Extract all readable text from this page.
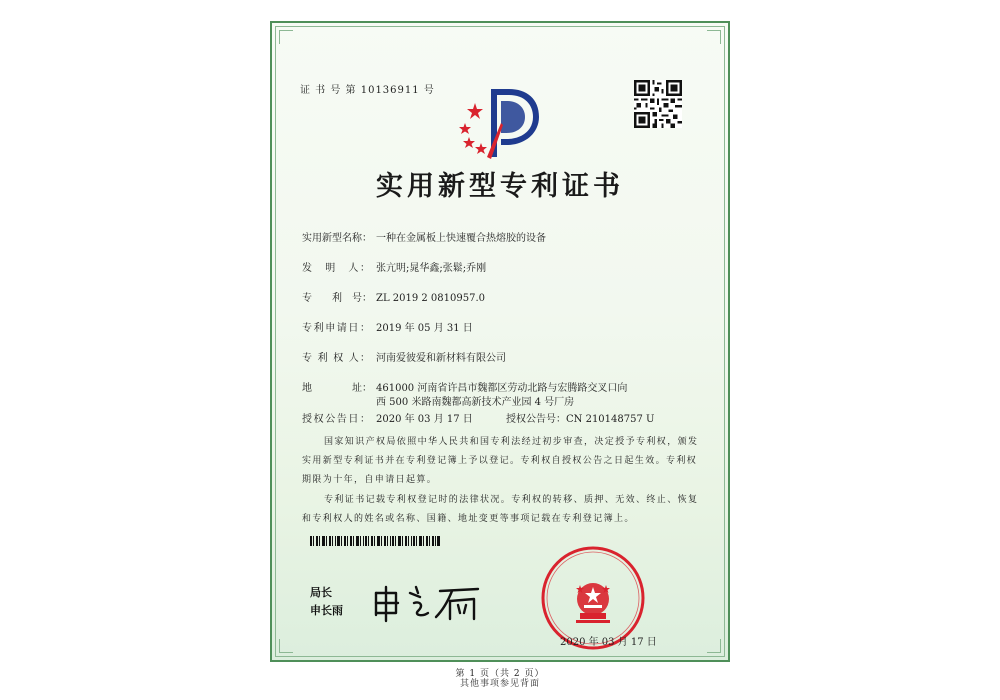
证 书 号 第 10136911 号
实用新型专利证书
实用新型名称： 一种在金属板上快速覆合热熔胶的设备
发　明　人： 张亢明;晁华鑫;张鬆;乔刚
专　　利　号： ZL 2019 2 0810957.0
专利申请日： 2019 年 05 月 31 日
专 利 权 人： 河南爱彼爱和新材料有限公司
地　　　　址： 461000 河南省许昌市魏都区劳动北路与宏腾路交叉口向
西 500 米路南魏都高新技术产业园 4 号厂房
授权公告日： 2020 年 03 月 17 日	授权公告号：CN 210148757 U
国家知识产权局依照中华人民共和国专利法经过初步审查，决定授予专利权，颁发实用新型专利证书并在专利登记簿上予以登记。专利权自授权公告之日起生效。专利权期限为十年，自申请日起算。
专利证书记载专利权登记时的法律状况。专利权的转移、质押、无效、终止、恢复和专利权人的姓名或名称、国籍、地址变更等事项记载在专利登记簿上。
局长
申长雨
2020 年 03 月 17 日
第 1 页（共 2 页）
其他事项参见背面
